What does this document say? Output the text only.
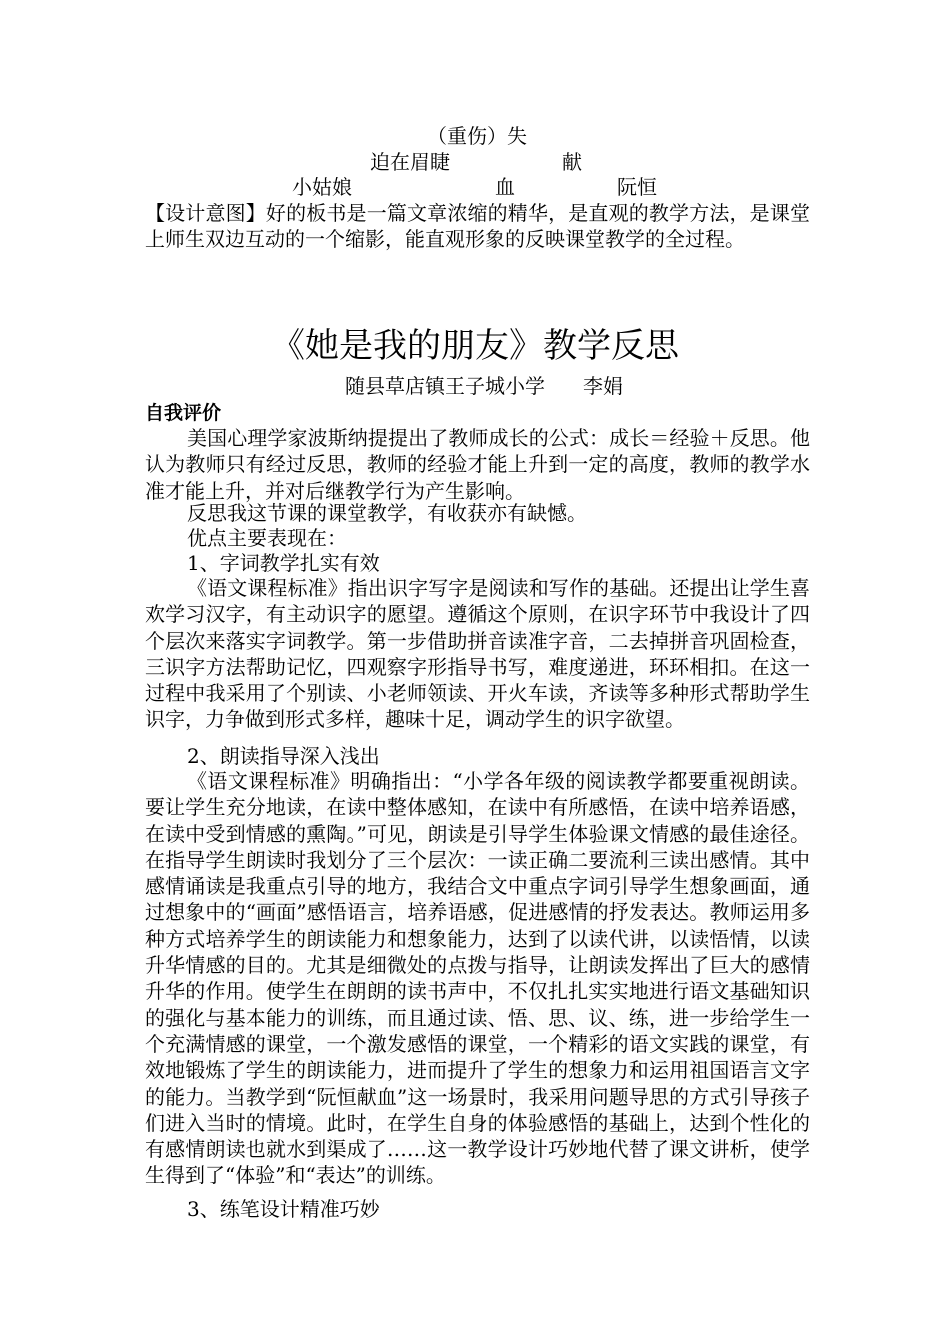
（重伤）失
迫在眉睫	献
小姑娘	血	阮恒
【设计意图】好的板书是一篇文章浓缩的精华，是直观的教学方法，是课堂上师生双边互动的一个缩影，能直观形象的反映课堂教学的全过程。
《她是我的朋友》教学反思
随县草店镇王子城小学 李娟
自我评价
美国心理学家波斯纳提提出了教师成长的公式：成长＝经验＋反思。他认为教师只有经过反思，教师的经验才能上升到一定的高度，教师的教学水准才能上升，并对后继教学行为产生影响。
反思我这节课的课堂教学，有收获亦有缺憾。
优点主要表现在：
1、字词教学扎实有效
《语文课程标准》指出识字写字是阅读和写作的基础。还提出让学生喜欢学习汉字，有主动识字的愿望。遵循这个原则，在识字环节中我设计了四个层次来落实字词教学。第一步借助拼音读准字音，二去掉拼音巩固检查，三识字方法帮助记忆，四观察字形指导书写，难度递进，环环相扣。在这一过程中我采用了个别读、小老师领读、开火车读，齐读等多种形式帮助学生识字，力争做到形式多样，趣味十足，调动学生的识字欲望。
2、朗读指导深入浅出
《语文课程标准》明确指出：“小学各年级的阅读教学都要重视朗读。要让学生充分地读，在读中整体感知，在读中有所感悟，在读中培养语感，在读中受到情感的熏陶。”可见，朗读是引导学生体验课文情感的最佳途径。在指导学生朗读时我划分了三个层次：一读正确二要流利三读出感情。其中感情诵读是我重点引导的地方，我结合文中重点字词引导学生想象画面，通过想象中的“画面”感悟语言，培养语感，促进感情的抒发表达。教师运用多种方式培养学生的朗读能力和想象能力，达到了以读代讲，以读悟情，以读升华情感的目的。尤其是细微处的点拨与指导，让朗读发挥出了巨大的感情升华的作用。使学生在朗朗的读书声中，不仅扎扎实实地进行语文基础知识的强化与基本能力的训练，而且通过读、悟、思、议、练，进一步给学生一个充满情感的课堂，一个激发感悟的课堂，一个精彩的语文实践的课堂，有效地锻炼了学生的朗读能力，进而提升了学生的想象力和运用祖国语言文字的能力。当教学到“阮恒献血”这一场景时，我采用问题导思的方式引导孩子们进入当时的情境。此时，在学生自身的体验感悟的基础上，达到个性化的有感情朗读也就水到渠成了……这一教学设计巧妙地代替了课文讲析，使学生得到了“体验”和“表达”的训练。
3、练笔设计精准巧妙
